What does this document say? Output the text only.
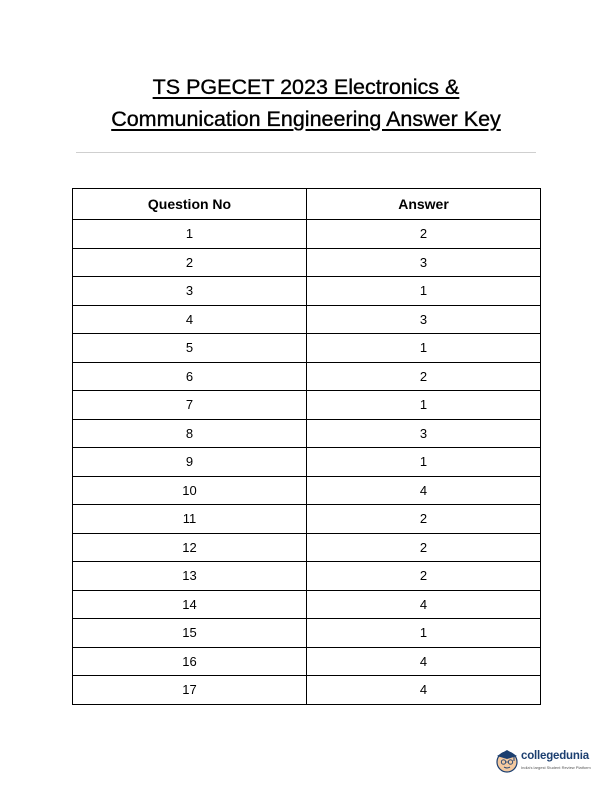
TS PGECET 2023 Electronics &
Communication Engineering Answer Key
Question No	Answer
1	2
2	3
3	1
4	3
5	1
6	2
7	1
8	3
9	1
10	4
11	2
12	2
13	2
14	4
15	1
16	4
17	4
collegedunia
India's largest Student Review Platform
